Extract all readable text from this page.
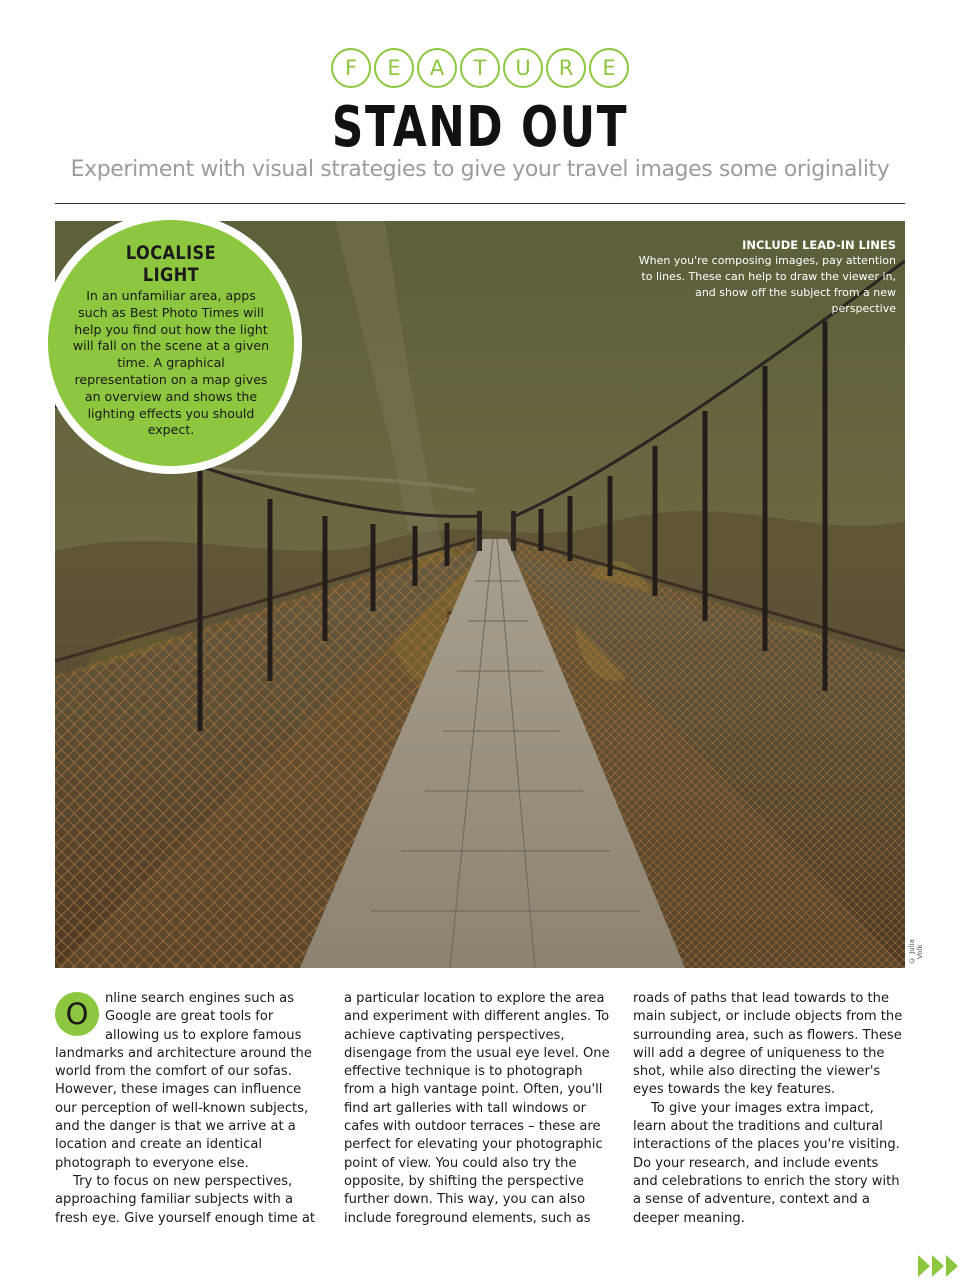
F	E	A	T	U	R	E
STAND OUT
Experiment with visual strategies to give your travel images some originality
INCLUDE LEAD-IN LINES
When you're composing images, pay attention to lines. These can help to draw the viewer in, and show off the subject from a new perspective
© Julia Volk
LOCALISE
LIGHT
In an unfamiliar area, apps such as Best Photo Times will help you find out how the light will fall on the scene at a given time. A graphical representation on a map gives an overview and shows the lighting effects you should expect.

O	nline search engines such as Google are great tools for allowing us to explore famous landmarks and architecture around the world from the comfort of our sofas. However, these images can influence our perception of well-known subjects, and the danger is that we arrive at a location and create an identical photograph to everyone else.

Try to focus on new perspectives, approaching familiar subjects with a fresh eye. Give yourself enough time at

a particular location to explore the area and experiment with different angles. To achieve captivating perspectives, disengage from the usual eye level. One effective technique is to photograph from a high vantage point. Often, you'll find art galleries with tall windows or cafes with outdoor terraces – these are perfect for elevating your photographic point of view. You could also try the opposite, by shifting the perspective further down. This way, you can also include foreground elements, such as

roads of paths that lead towards to the main subject, or include objects from the surrounding area, such as flowers. These will add a degree of uniqueness to the shot, while also directing the viewer's eyes towards the key features.

To give your images extra impact, learn about the traditions and cultural interactions of the places you're visiting. Do your research, and include events and celebrations to enrich the story with a sense of adventure, context and a deeper meaning.
